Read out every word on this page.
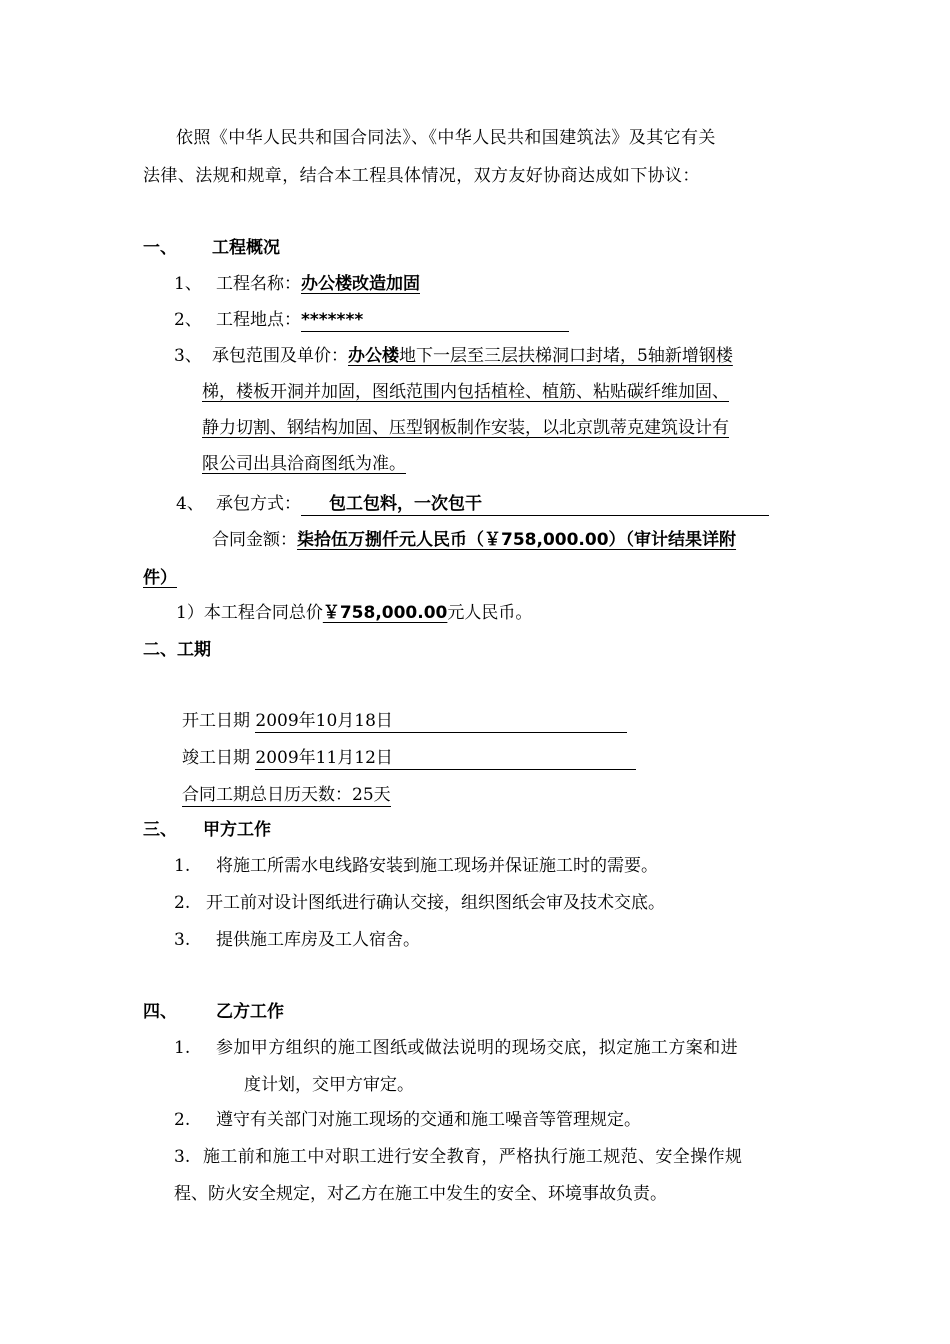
依照《中华人民共和国合同法》、《中华人民共和国建筑法》及其它有关
法律、法规和规章，结合本工程具体情况，双方友好协商达成如下协议：
一、 工程概况
1、 工程名称：办公楼改造加固
2、 工程地点：*******
3、 承包范围及单价：办公楼地下一层至三层扶梯洞口封堵，5轴新增钢楼
梯，楼板开洞并加固，图纸范围内包括植栓、植筋、粘贴碳纤维加固、
静力切割、钢结构加固、压型钢板制作安装，以北京凯蒂克建筑设计有
限公司出具洽商图纸为准。
4、 承包方式： 包工包料，一次包干
合同金额：柒拾伍万捌仟元人民币（￥758,000.00）（审计结果详附
件）
1）本工程合同总价￥758,000.00元人民币。
二、工期
开工日期 2009年10月18日
竣工日期 2009年11月12日
合同工期总日历天数：25天
三、 甲方工作
1. 将施工所需水电线路安装到施工现场并保证施工时的需要。
2. 开工前对设计图纸进行确认交接，组织图纸会审及技术交底。
3. 提供施工库房及工人宿舍。
四、 乙方工作
1. 参加甲方组织的施工图纸或做法说明的现场交底，拟定施工方案和进
度计划，交甲方审定。
2. 遵守有关部门对施工现场的交通和施工噪音等管理规定。
3. 施工前和施工中对职工进行安全教育，严格执行施工规范、安全操作规
程、防火安全规定，对乙方在施工中发生的安全、环境事故负责。
